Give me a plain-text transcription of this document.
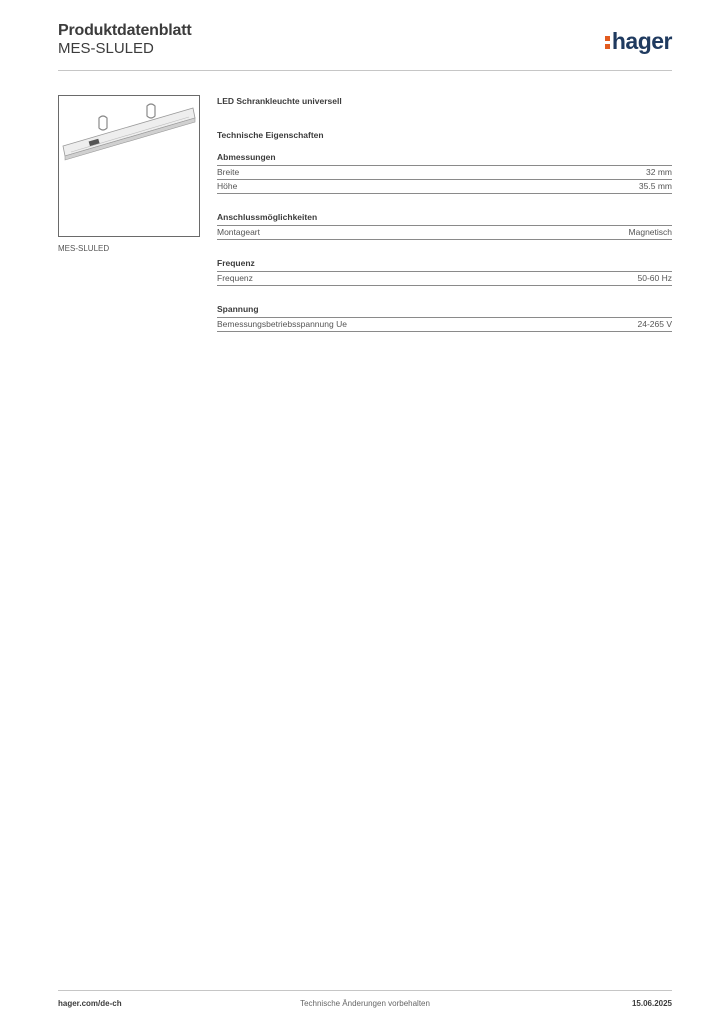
Produktdatenblatt
MES-SLULED	hager
MES-SLULED
LED Schrankleuchte universell
Technische Eigenschaften
Abmessungen
Breite	32 mm
Höhe	35.5 mm
Anschlussmöglichkeiten
Montageart	Magnetisch
Frequenz
Frequenz	50-60 Hz
Spannung
Bemessungsbetriebsspannung Ue	24-265 V
hager.com/de-ch	Technische Änderungen vorbehalten	15.06.2025
